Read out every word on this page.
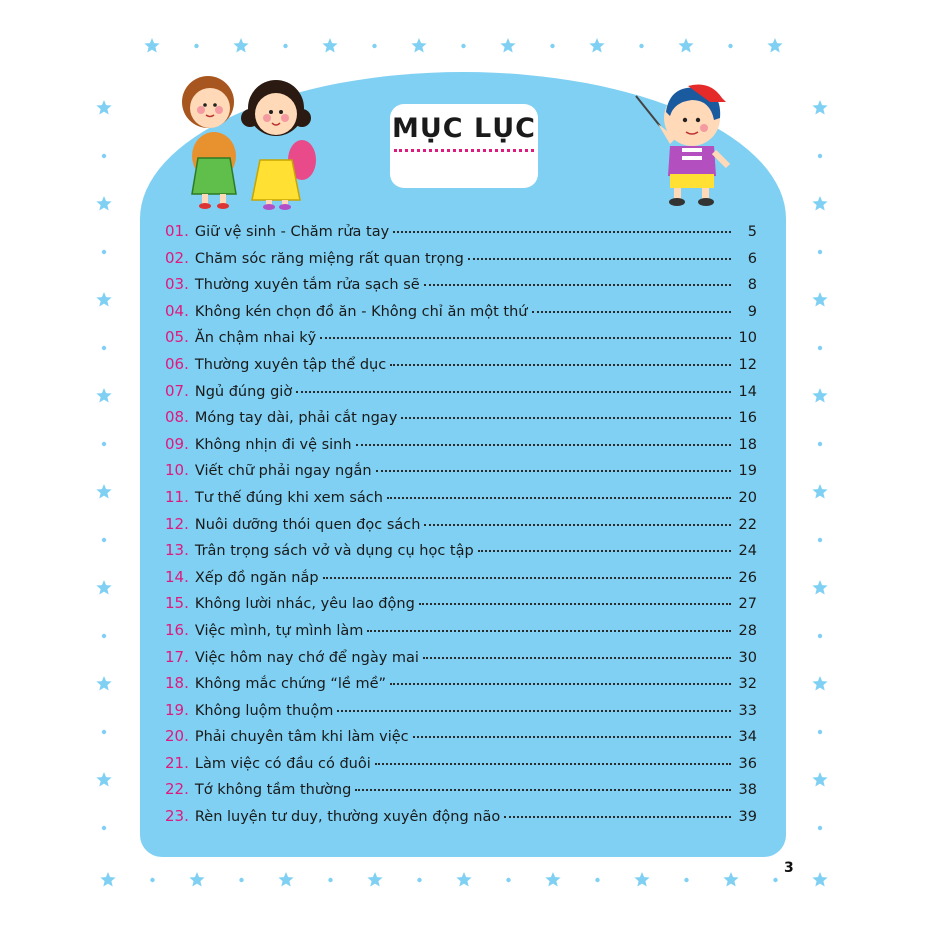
MỤC LỤC
01. Giữ vệ sinh - Chăm rửa tay	5
02. Chăm sóc răng miệng rất quan trọng	6
03. Thường xuyên tắm rửa sạch sẽ	8
04. Không kén chọn đồ ăn - Không chỉ ăn một thứ	9
05. Ăn chậm nhai kỹ	10
06. Thường xuyên tập thể dục	12
07. Ngủ đúng giờ	14
08. Móng tay dài, phải cắt ngay	16
09. Không nhịn đi vệ sinh	18
10. Viết chữ phải ngay ngắn	19
11. Tư thế đúng khi xem sách	20
12. Nuôi dưỡng thói quen đọc sách	22
13. Trân trọng sách vở và dụng cụ học tập	24
14. Xếp đồ ngăn nắp	26
15. Không lười nhác, yêu lao động	27
16. Việc mình, tự mình làm	28
17. Việc hôm nay chớ để ngày mai	30
18. Không mắc chứng “lề mề”	32
19. Không luộm thuộm	33
20. Phải chuyên tâm khi làm việc	34
21. Làm việc có đầu có đuôi	36
22. Tớ không tầm thường	38
23. Rèn luyện tư duy, thường xuyên động não	39
3
